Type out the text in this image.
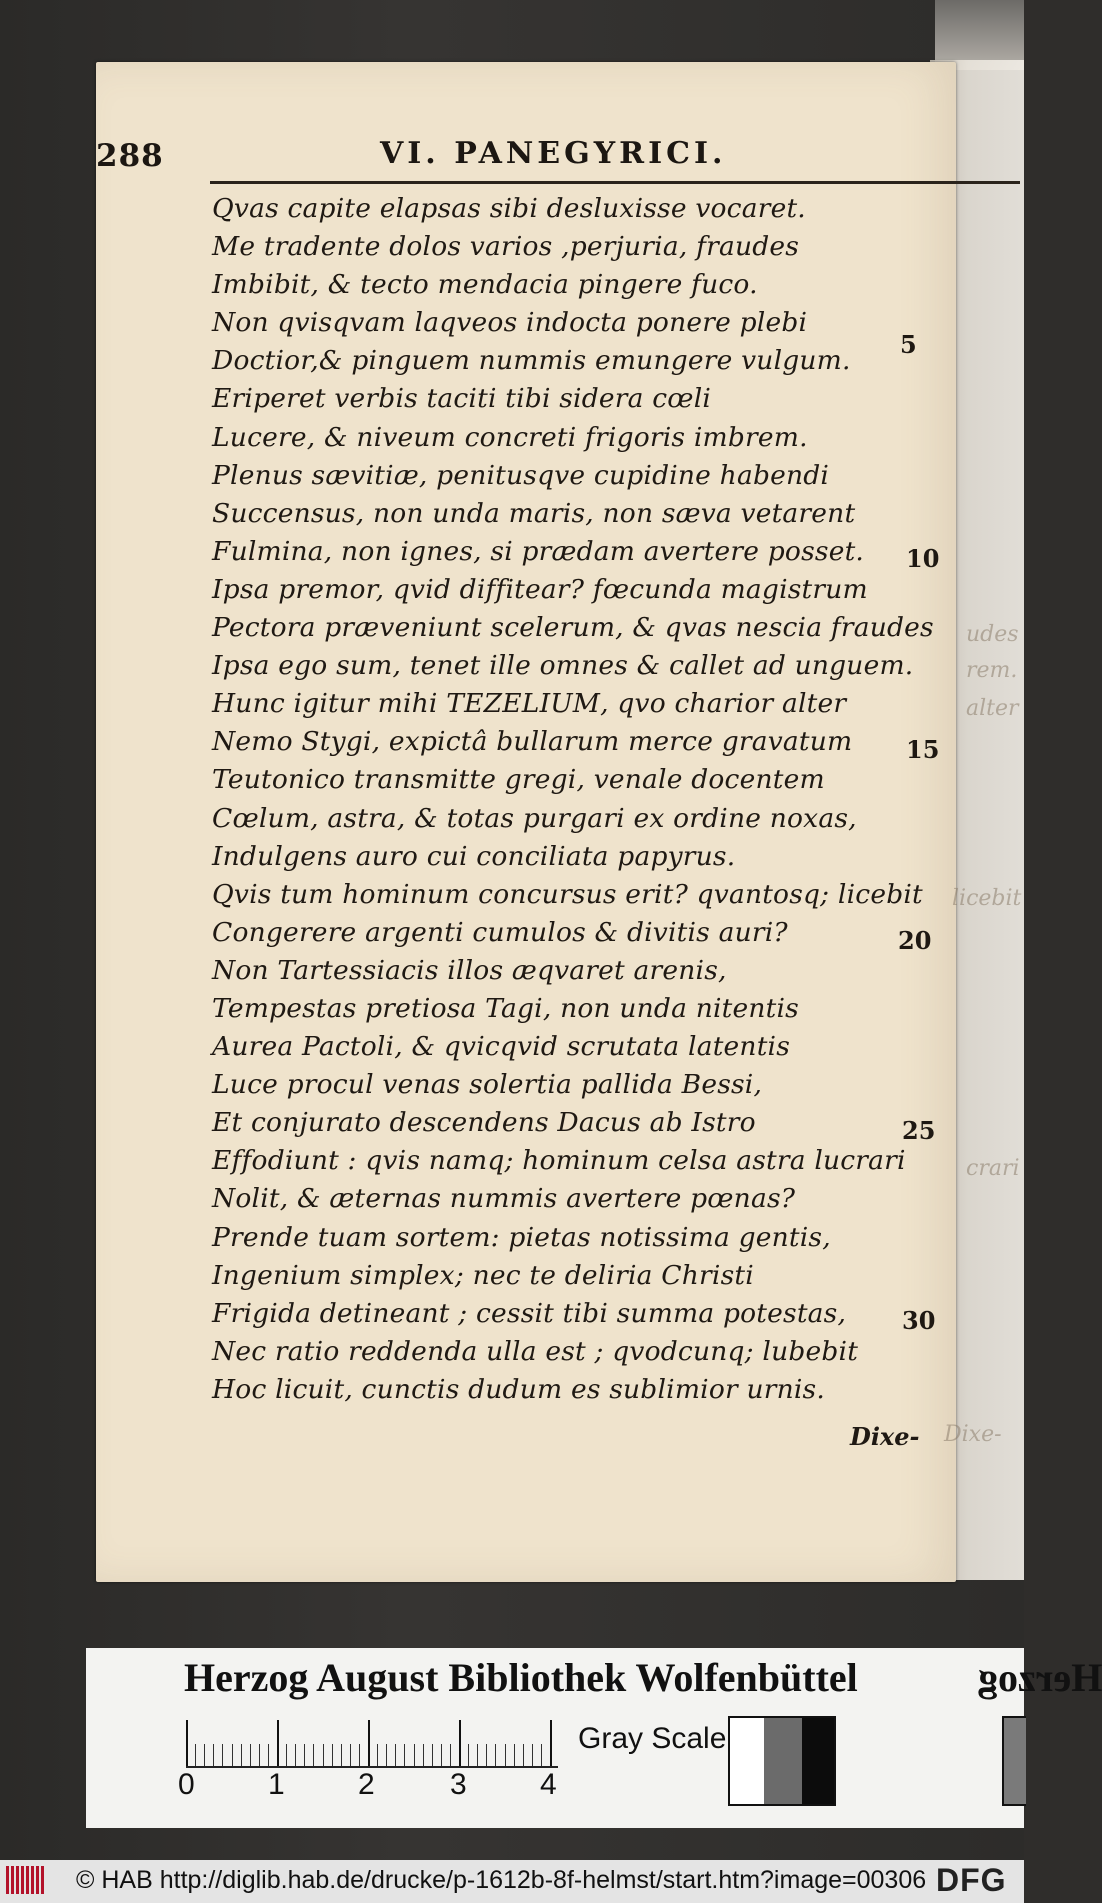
288	VI. PANEGYRICI.
Qvas capite elapsas sibi desluxisse vocaret.
Me tradente dolos varios ,perjuria, fraudes
Imbibit, & tecto mendacia pingere fuco.
Non qvisqvam laqveos indocta ponere plebi
Doctior,& pinguem nummis emungere vulgum.
Eriperet verbis taciti tibi sidera cœli
Lucere, & niveum concreti frigoris imbrem.
Plenus sævitiæ, penitusqve cupidine habendi
Succensus, non unda maris, non sæva vetarent
Fulmina, non ignes, si prædam avertere posset.
Ipsa premor, qvid diffitear? fœcunda magistrum
Pectora præveniunt scelerum, & qvas nescia fraudes
Ipsa ego sum, tenet ille omnes & callet ad unguem.
Hunc igitur mihi TEZELIUM, qvo charior alter
Nemo Stygi, expictâ bullarum merce gravatum
Teutonico transmitte gregi, venale docentem
Cœlum, astra, & totas purgari ex ordine noxas,
Indulgens auro cui conciliata papyrus.
Qvis tum hominum concursus erit? qvantosq; licebit
Congerere argenti cumulos & divitis auri?
Non Tartessiacis illos æqvaret arenis,
Tempestas pretiosa Tagi, non unda nitentis
Aurea Pactoli, & qvicqvid scrutata latentis
Luce procul venas solertia pallida Bessi,
Et conjurato descendens Dacus ab Istro
Effodiunt : qvis namq; hominum celsa astra lucrari
Nolit, & æternas nummis avertere pœnas?
Prende tuam sortem: pietas notissima gentis,
Ingenium simplex; nec te deliria Christi
Frigida detineant ; cessit tibi summa potestas,
Nec ratio reddenda ulla est ; qvodcunq; lubebit
Hoc licuit, cunctis dudum es sublimior urnis.
5
10
15
20
25
30
udes
rem.
alter
licebit
crari
Dixe-
Dixe-
Herzog August Bibliothek Wolfenbüttel	Herzog
0 1 2	3 4
Gray Scale
© HAB http://diglib.hab.de/drucke/p-1612b-8f-helmst/start.htm?image=00306 DFG
